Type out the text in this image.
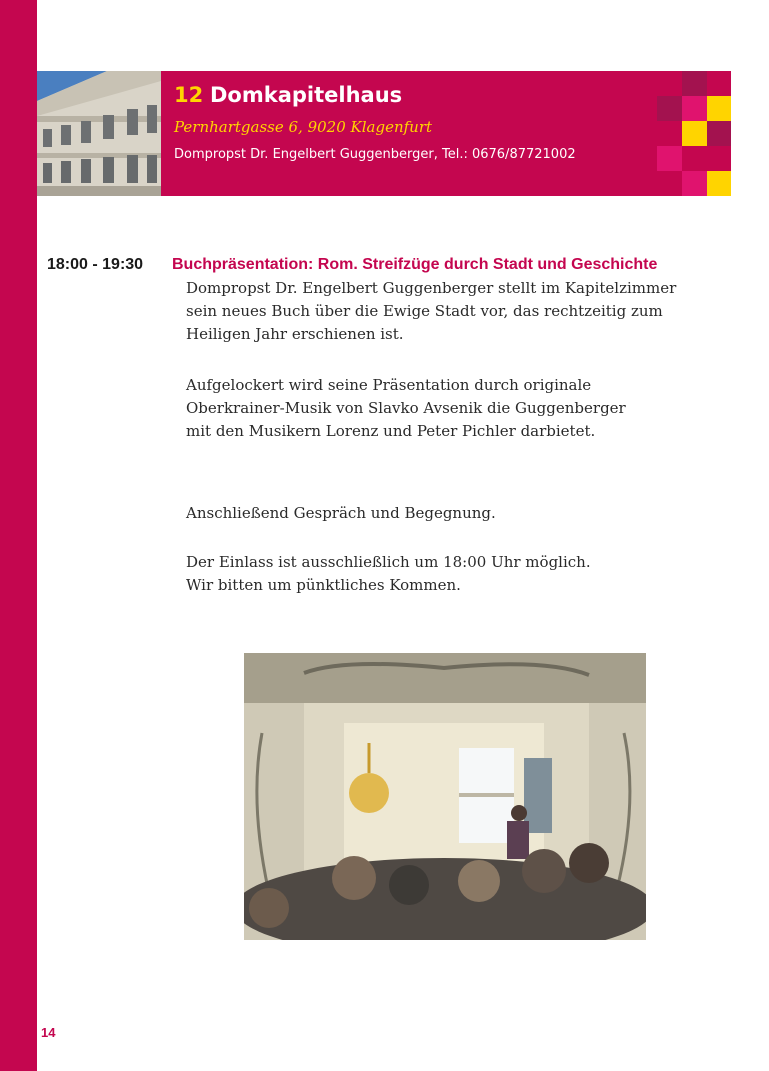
12 Domkapitelhaus
Pernhartgasse 6, 9020 Klagenfurt
Dompropst Dr. Engelbert Guggenberger, Tel.: 0676/87721002
18:00 - 19:30 Buchpräsentation: Rom. Streifzüge durch Stadt und Geschichte
Dompropst Dr. Engelbert Guggenberger stellt im Kapitelzimmer
sein neues Buch über die Ewige Stadt vor, das rechtzeitig zum
Heiligen Jahr erschienen ist.
Aufgelockert wird seine Präsentation durch originale
Oberkrainer-Musik von Slavko Avsenik die Guggenberger
mit den Musikern Lorenz und Peter Pichler darbietet.
Anschließend Gespräch und Begegnung.
Der Einlass ist ausschließlich um 18:00 Uhr möglich.
Wir bitten um pünktliches Kommen.
14
